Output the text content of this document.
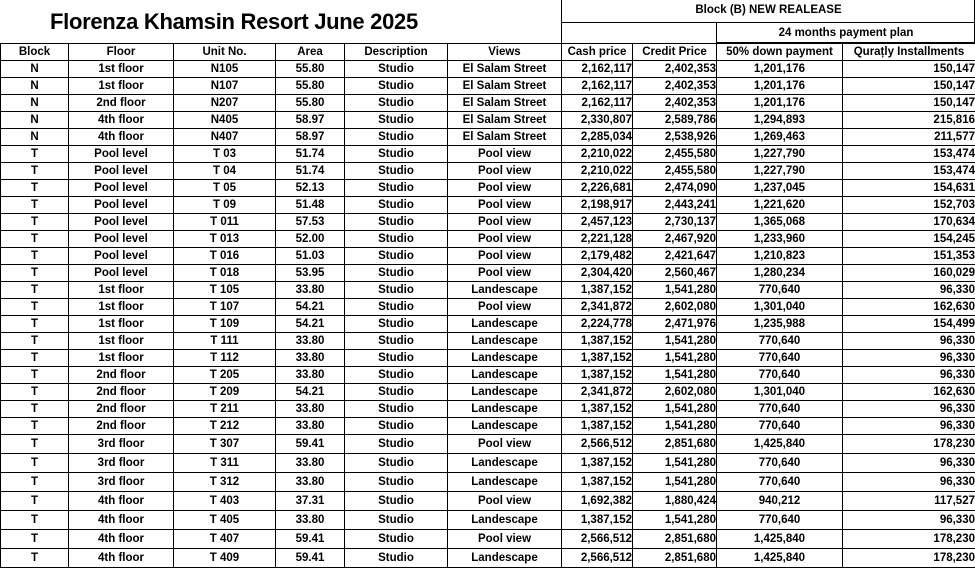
Florenza Khamsin Resort June 2025	Block (B) NEW REALEASE
24 months payment plan
Block	Floor	Unit No.	Area	Description	Views	Cash price	Credit Price	50% down payment	Qurațly Installments
N	1st floor	N105	55.80	Studio	El Salam Street	2,162,117	2,402,353	1,201,176	150,147
N	1st floor	N107	55.80	Studio	El Salam Street	2,162,117	2,402,353	1,201,176	150,147
N	2nd floor	N207	55.80	Studio	El Salam Street	2,162,117	2,402,353	1,201,176	150,147
N	4th floor	N405	58.97	Studio	El Salam Street	2,330,807	2,589,786	1,294,893	215,816
N	4th floor	N407	58.97	Studio	El Salam Street	2,285,034	2,538,926	1,269,463	211,577
T	Pool level	T 03	51.74	Studio	Pool view	2,210,022	2,455,580	1,227,790	153,474
T	Pool level	T 04	51.74	Studio	Pool view	2,210,022	2,455,580	1,227,790	153,474
T	Pool level	T 05	52.13	Studio	Pool view	2,226,681	2,474,090	1,237,045	154,631
T	Pool level	T 09	51.48	Studio	Pool view	2,198,917	2,443,241	1,221,620	152,703
T	Pool level	T 011	57.53	Studio	Pool view	2,457,123	2,730,137	1,365,068	170,634
T	Pool level	T 013	52.00	Studio	Pool view	2,221,128	2,467,920	1,233,960	154,245
T	Pool level	T 016	51.03	Studio	Pool view	2,179,482	2,421,647	1,210,823	151,353
T	Pool level	T 018	53.95	Studio	Pool view	2,304,420	2,560,467	1,280,234	160,029
T	1st floor	T 105	33.80	Studio	Landescape	1,387,152	1,541,280	770,640	96,330
T	1st floor	T 107	54.21	Studio	Pool view	2,341,872	2,602,080	1,301,040	162,630
T	1st floor	T 109	54.21	Studio	Landescape	2,224,778	2,471,976	1,235,988	154,499
T	1st floor	T 111	33.80	Studio	Landescape	1,387,152	1,541,280	770,640	96,330
T	1st floor	T 112	33.80	Studio	Landescape	1,387,152	1,541,280	770,640	96,330
T	2nd floor	T 205	33.80	Studio	Landescape	1,387,152	1,541,280	770,640	96,330
T	2nd floor	T 209	54.21	Studio	Landescape	2,341,872	2,602,080	1,301,040	162,630
T	2nd floor	T 211	33.80	Studio	Landescape	1,387,152	1,541,280	770,640	96,330
T	2nd floor	T 212	33.80	Studio	Landescape	1,387,152	1,541,280	770,640	96,330
T	3rd floor	T 307	59.41	Studio	Pool view	2,566,512	2,851,680	1,425,840	178,230
T	3rd floor	T 311	33.80	Studio	Landescape	1,387,152	1,541,280	770,640	96,330
T	3rd floor	T 312	33.80	Studio	Landescape	1,387,152	1,541,280	770,640	96,330
T	4th floor	T 403	37.31	Studio	Pool view	1,692,382	1,880,424	940,212	117,527
T	4th floor	T 405	33.80	Studio	Landescape	1,387,152	1,541,280	770,640	96,330
T	4th floor	T 407	59.41	Studio	Pool view	2,566,512	2,851,680	1,425,840	178,230
T	4th floor	T 409	59.41	Studio	Landescape	2,566,512	2,851,680	1,425,840	178,230
